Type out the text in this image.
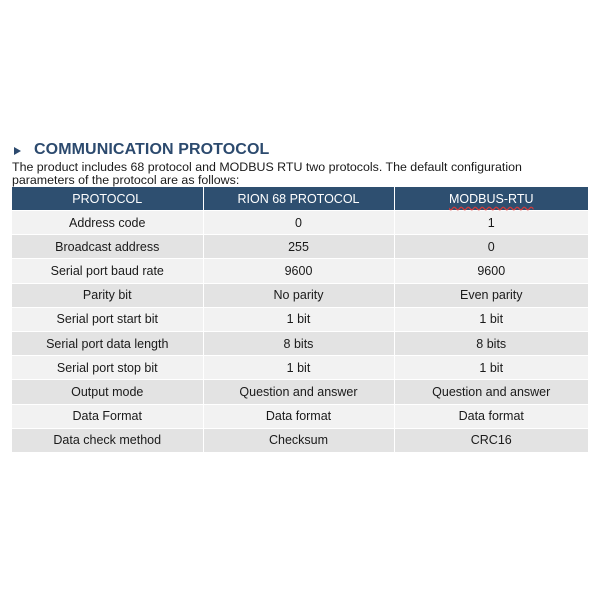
COMMUNICATION PROTOCOL
The product includes 68 protocol and MODBUS RTU two protocols. The default configuration
parameters of the protocol are as follows:
PROTOCOL	RION 68 PROTOCOL	MODBUS-RTU
Address code	0	1
Broadcast address	255	0
Serial port baud rate	9600	9600
Parity bit	No parity	Even parity
Serial port start bit	1 bit	1 bit
Serial port data length	8 bits	8 bits
Serial port stop bit	1 bit	1 bit
Output mode	Question and answer	Question and answer
Data Format	Data format	Data format
Data check method	Checksum	CRC16
